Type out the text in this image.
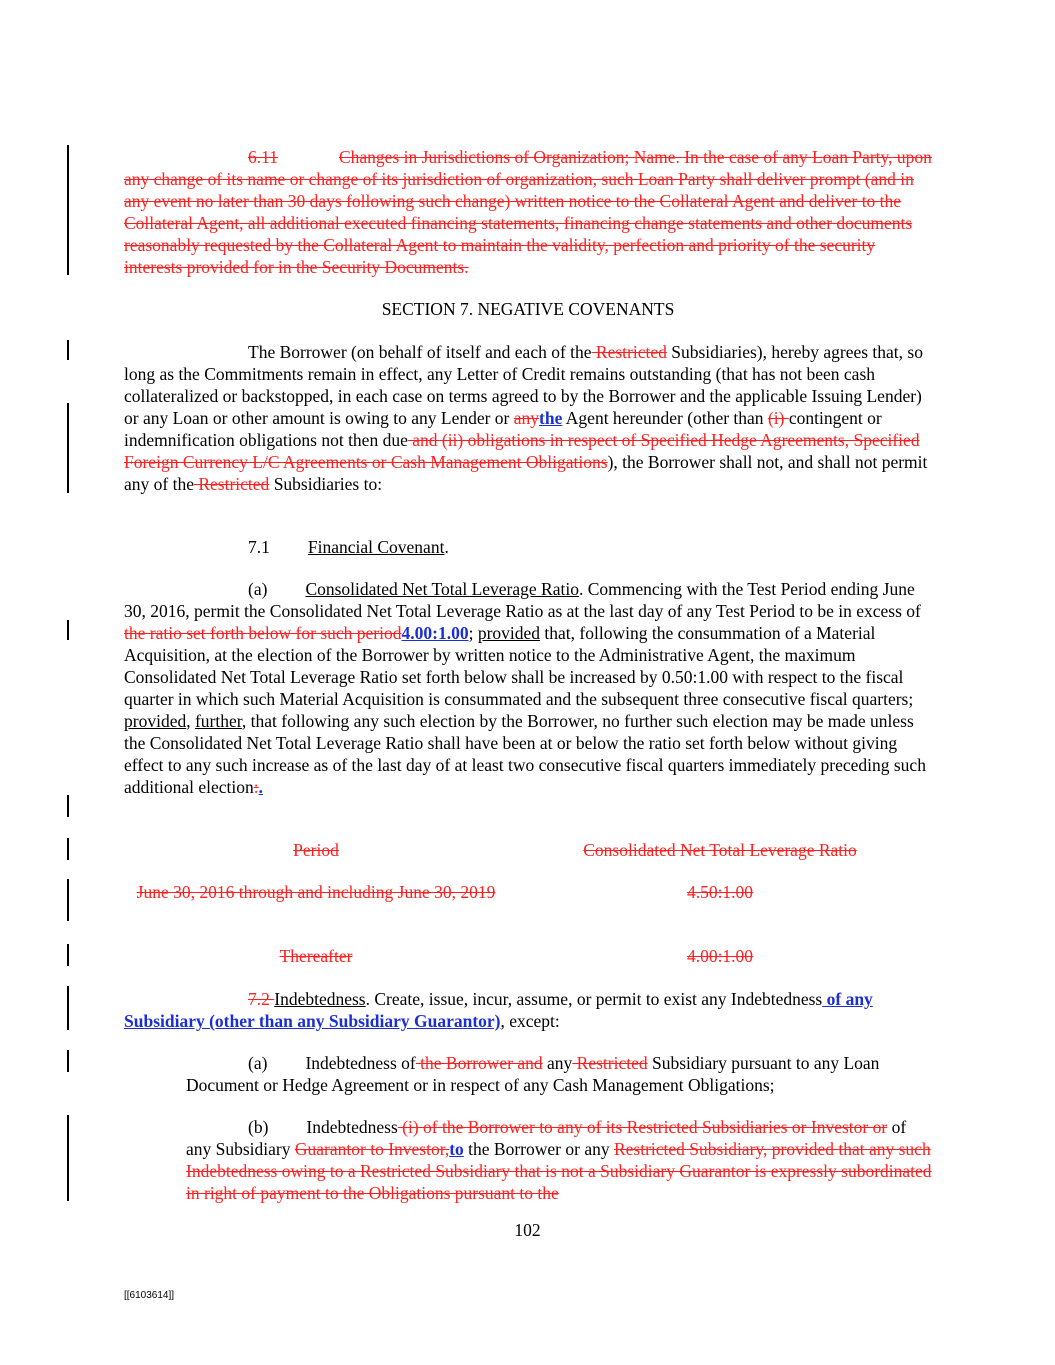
6.11	Changes in Jurisdictions of Organization; Name. In the case of any Loan Party, upon any change of its name or change of its jurisdiction of organization, such Loan Party shall deliver prompt (and in any event no later than 30 days following such change) written notice to the Collateral Agent and deliver to the Collateral Agent, all additional executed financing statements, financing change statements and other documents reasonably requested by the Collateral Agent to maintain the validity, perfection and priority of the security interests provided for in the Security Documents.

SECTION 7. NEGATIVE COVENANTS

The Borrower (on behalf of itself and each of the Restricted Subsidiaries), hereby agrees that, so long as the Commitments remain in effect, any Letter of Credit remains outstanding (that has not been cash collateralized or backstopped, in each case on terms agreed to by the Borrower and the applicable Issuing Lender) or any Loan or other amount is owing to any Lender or anythe Agent hereunder (other than (i) contingent or indemnification obligations not then due and (ii) obligations in respect of Specified Hedge Agreements, Specified Foreign Currency L/C Agreements or Cash Management Obligations), the Borrower shall not, and shall not permit any of the Restricted Subsidiaries to:

7.1 Financial Covenant.

(a) Consolidated Net Total Leverage Ratio. Commencing with the Test Period ending June 30, 2016, permit the Consolidated Net Total Leverage Ratio as at the last day of any Test Period to be in excess of the ratio set forth below for such period4.00:1.00; provided that, following the consummation of a Material Acquisition, at the election of the Borrower by written notice to the Administrative Agent, the maximum Consolidated Net Total Leverage Ratio set forth below shall be increased by 0.50:1.00 with respect to the fiscal quarter in which such Material Acquisition is consummated and the subsequent three consecutive fiscal quarters; provided, further, that following any such election by the Borrower, no further such election may be made unless the Consolidated Net Total Leverage Ratio shall have been at or below the ratio set forth below without giving effect to any such increase as of the last day of at least two consecutive fiscal quarters immediately preceding such additional election:.

Period	Consolidated Net Total Leverage Ratio
June 30, 2016 through and including June 30, 2019	4.50:1.00
Thereafter	4.00:1.00

7.2 Indebtedness. Create, issue, incur, assume, or permit to exist any Indebtedness of any Subsidiary (other than any Subsidiary Guarantor), except:

(a) Indebtedness of the Borrower and any Restricted Subsidiary pursuant to any Loan Document or Hedge Agreement or in respect of any Cash Management Obligations;

(b) Indebtedness (i) of the Borrower to any of its Restricted Subsidiaries or Investor or of any Subsidiary Guarantor to Investor,to the Borrower or any Restricted Subsidiary, provided that any such Indebtedness owing to a Restricted Subsidiary that is not a Subsidiary Guarantor is expressly subordinated in right of payment to the Obligations pursuant to the

102
[[6103614]]
